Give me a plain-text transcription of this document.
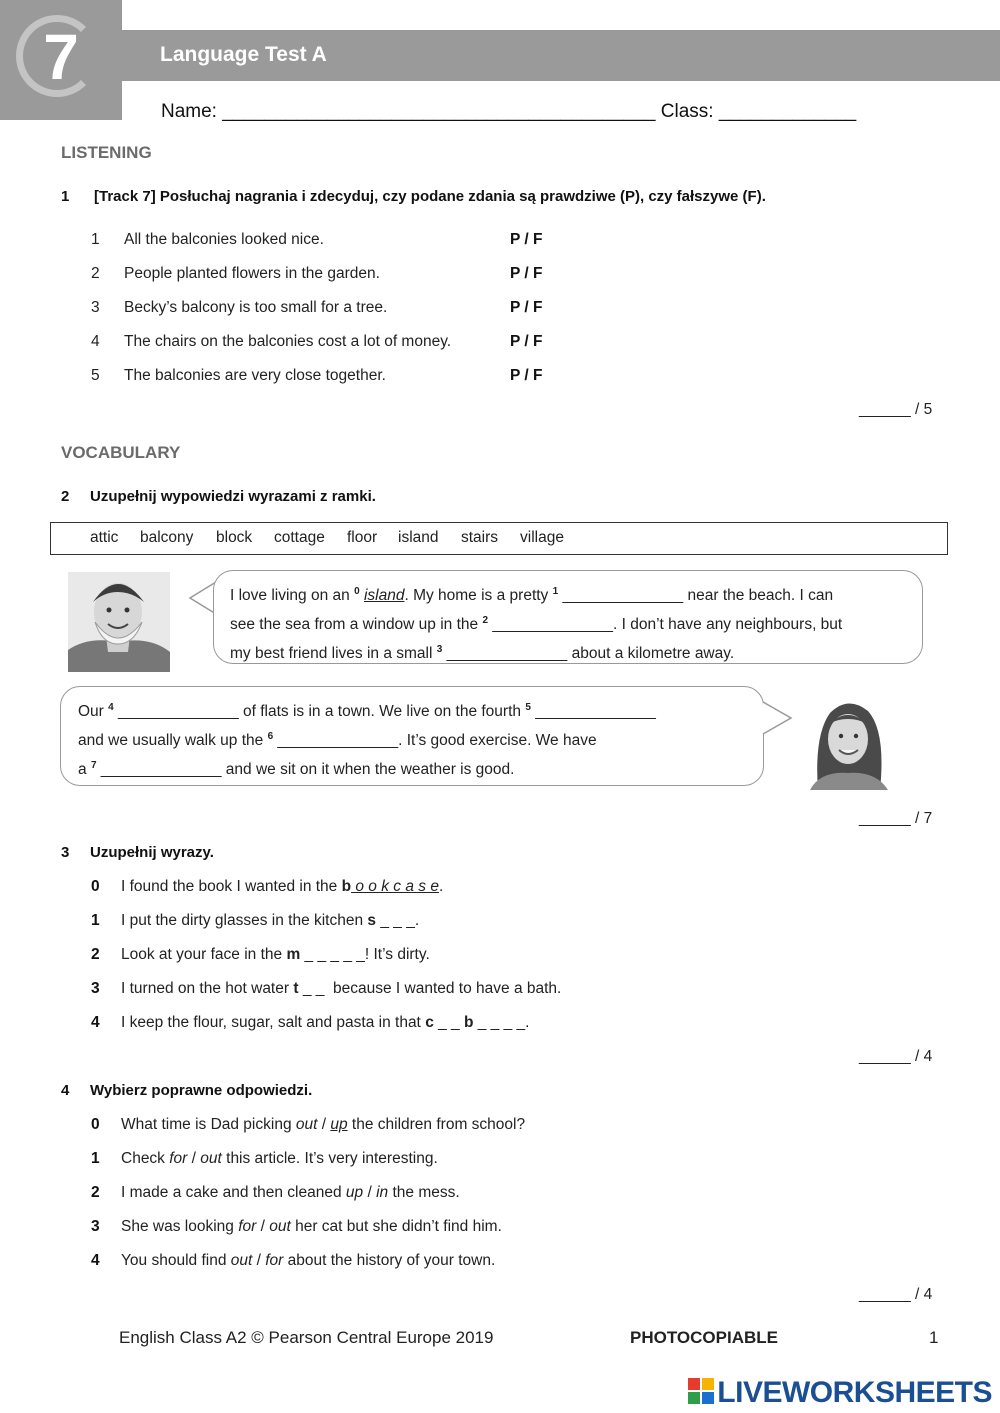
7	Language Test A
Name: _________________________________________ Class: _____________
LISTENING
1 [Track 7] Posłuchaj nagrania i zdecyduj, czy podane zdania są prawdziwe (P), czy fałszywe (F).
1 All the balconies looked nice.	P / F
2 People planted flowers in the garden.	P / F
3 Becky’s balcony is too small for a tree.	P / F
4 The chairs on the balconies cost a lot of money.	P / F
5 The balconies are very close together.	P / F
______ / 5
VOCABULARY
2 Uzupełnij wypowiedzi wyrazami z ramki.
attic balcony block cottage floor island stairs village
I love living on an $^0$ island. My home is a pretty $^1$ ______________ near the beach. I can
see the sea from a window up in the $^2$ ______________. I don’t have any neighbours, but
my best friend lives in a small $^3$ ______________ about a kilometre away.
Our $^4$ ______________ of flats is in a town. We live on the fourth $^5$ ______________
and we usually walk up the $^6$ ______________. It’s good exercise. We have
a $^7$ ______________ and we sit on it when the weather is good.
______ / 7
3 Uzupełnij wyrazy.
0 I found the book I wanted in the b o o k c a s e.
1 I put the dirty glasses in the kitchen s _ _ _.
2 Look at your face in the m _ _ _ _ _! It’s dirty.
3 I turned on the hot water t _ _  because I wanted to have a bath.
4 I keep the flour, sugar, salt and pasta in that c _ _ b _ _ _ _.
______ / 4
4 Wybierz poprawne odpowiedzi.
0 What time is Dad picking out / up the children from school?
1 Check for / out this article. It’s very interesting.
2 I made a cake and then cleaned up / in the mess.
3 She was looking for / out her cat but she didn’t find him.
4 You should find out / for about the history of your town.
______ / 4
English Class A2 © Pearson Central Europe 2019	PHOTOCOPIABLE	1
LIVEWORKSHEETS
